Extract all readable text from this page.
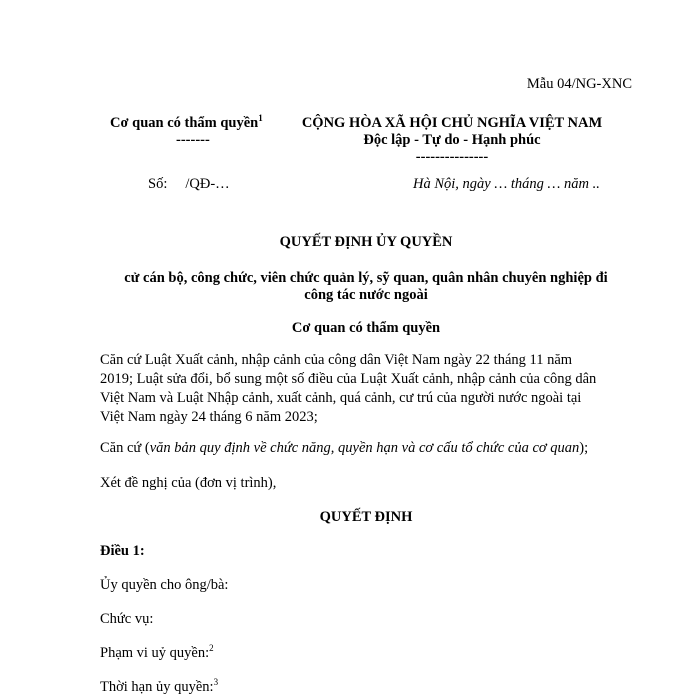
Mẫu 04/NG-XNC
Cơ quan có thẩm quyền$^1$
-------
CỘNG HÒA XÃ HỘI CHỦ NGHĨA VIỆT NAM
Độc lập - Tự do - Hạnh phúc
---------------
Số: /QĐ-…	Hà Nội, ngày … tháng … năm ..
QUYẾT ĐỊNH ỦY QUYỀN
cử cán bộ, công chức, viên chức quản lý, sỹ quan, quân nhân chuyên nghiệp đi
công tác nước ngoài
Cơ quan có thẩm quyền
Căn cứ Luật Xuất cảnh, nhập cảnh của công dân Việt Nam ngày 22 tháng 11 năm
2019; Luật sửa đổi, bổ sung một số điều của Luật Xuất cảnh, nhập cảnh của công dân
Việt Nam và Luật Nhập cảnh, xuất cảnh, quá cảnh, cư trú của người nước ngoài tại
Việt Nam ngày 24 tháng 6 năm 2023;
Căn cứ (văn bản quy định về chức năng, quyền hạn và cơ cấu tổ chức của cơ quan);
Xét đề nghị của (đơn vị trình),
QUYẾT ĐỊNH
Điều 1:
Ủy quyền cho ông/bà:
Chức vụ:
Phạm vi uỷ quyền:$^2$
Thời hạn ủy quyền:$^3$
